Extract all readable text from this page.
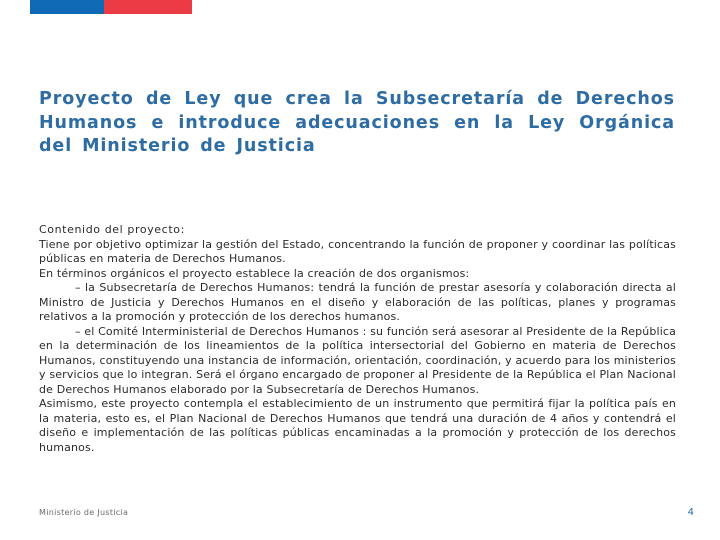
Proyecto de Ley que crea la Subsecretaría de Derechos Humanos e introduce adecuaciones en la Ley Orgánica del Ministerio de Justicia

Contenido del proyecto:

Tiene por objetivo optimizar la gestión del Estado, concentrando la función de proponer y coordinar las políticas públicas en materia de Derechos Humanos.

En términos orgánicos el proyecto establece la creación de dos organismos:

– la Subsecretaría de Derechos Humanos: tendrá la función de prestar asesoría y colaboración directa al Ministro de Justicia y Derechos Humanos en el diseño y elaboración de las políticas, planes y programas relativos a la promoción y protección de los derechos humanos.

– el Comité Interministerial de Derechos Humanos : su función será asesorar al Presidente de la República en la determinación de los lineamientos de la política intersectorial del Gobierno en materia de Derechos Humanos, constituyendo una instancia de información, orientación, coordinación, y acuerdo para los ministerios y servicios que lo integran. Será el órgano encargado de proponer al Presidente de la República el Plan Nacional de Derechos Humanos elaborado por la Subsecretaría de Derechos Humanos.

Asimismo, este proyecto contempla el establecimiento de un instrumento que permitirá fijar la política país en la materia, esto es, el Plan Nacional de Derechos Humanos que tendrá una duración de 4 años y contendrá el diseño e implementación de las políticas públicas encaminadas a la promoción y protección de los derechos humanos.

Ministerio de Justicia	4
